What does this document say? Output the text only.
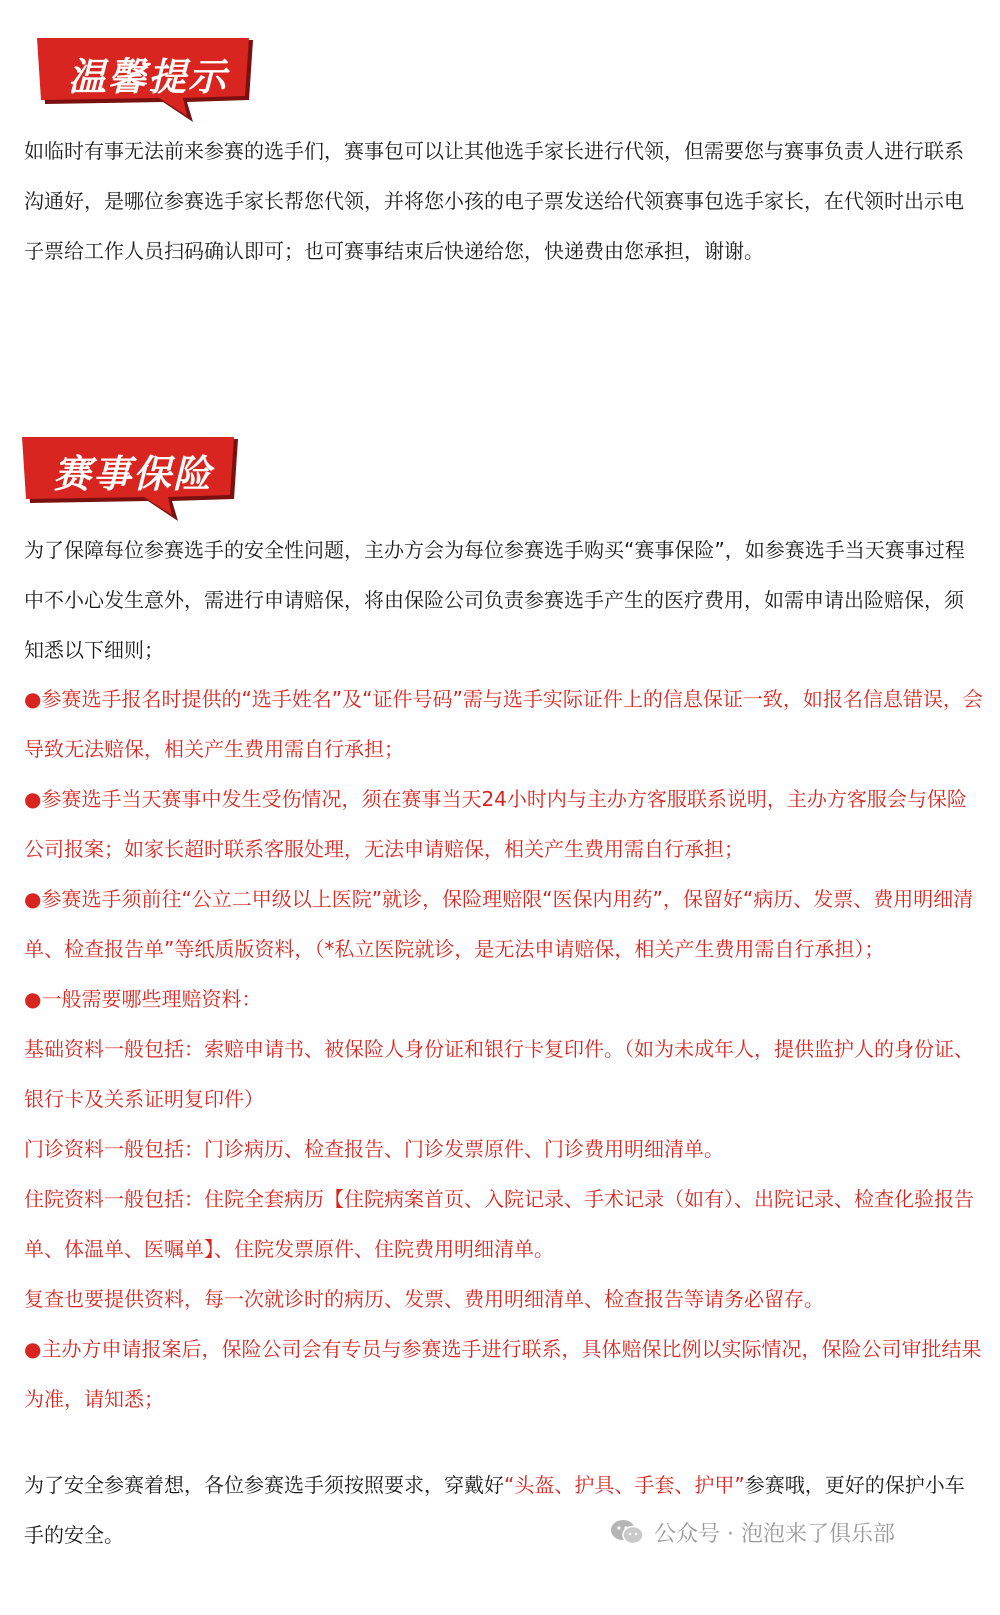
温馨提示

如临时有事无法前来参赛的选手们，赛事包可以让其他选手家长进行代领，但需要您与赛事负责人进行联系沟通好，是哪位参赛选手家长帮您代领，并将您小孩的电子票发送给代领赛事包选手家长，在代领时出示电子票给工作人员扫码确认即可；也可赛事结束后快递给您，快递费由您承担，谢谢。

赛事保险

为了保障每位参赛选手的安全性问题，主办方会为每位参赛选手购买“赛事保险”，如参赛选手当天赛事过程中不小心发生意外，需进行申请赔保，将由保险公司负责参赛选手产生的医疗费用，如需申请出险赔保，须知悉以下细则；

●参赛选手报名时提供的“选手姓名”及“证件号码”需与选手实际证件上的信息保证一致，如报名信息错误，会导致无法赔保，相关产生费用需自行承担；

●参赛选手当天赛事中发生受伤情况，须在赛事当天24小时内与主办方客服联系说明，主办方客服会与保险公司报案；如家长超时联系客服处理，无法申请赔保，相关产生费用需自行承担；

●参赛选手须前往“公立二甲级以上医院”就诊，保险理赔限“医保内用药”，保留好“病历、发票、费用明细清单、检查报告单”等纸质版资料，（*私立医院就诊，是无法申请赔保，相关产生费用需自行承担）；

●一般需要哪些理赔资料：

基础资料一般包括：索赔申请书、被保险人身份证和银行卡复印件。（如为未成年人，提供监护人的身份证、银行卡及关系证明复印件）

门诊资料一般包括：门诊病历、检查报告、门诊发票原件、门诊费用明细清单。

住院资料一般包括：住院全套病历【住院病案首页、入院记录、手术记录（如有）、出院记录、检查化验报告单、体温单、医嘱单】、住院发票原件、住院费用明细清单。

复查也要提供资料，每一次就诊时的病历、发票、费用明细清单、检查报告等请务必留存。

●主办方申请报案后，保险公司会有专员与参赛选手进行联系，具体赔保比例以实际情况，保险公司审批结果为准，请知悉；

为了安全参赛着想，各位参赛选手须按照要求，穿戴好“头盔、护具、手套、护甲”参赛哦，更好的保护小车手的安全。	公众号 · 泡泡来了俱乐部
